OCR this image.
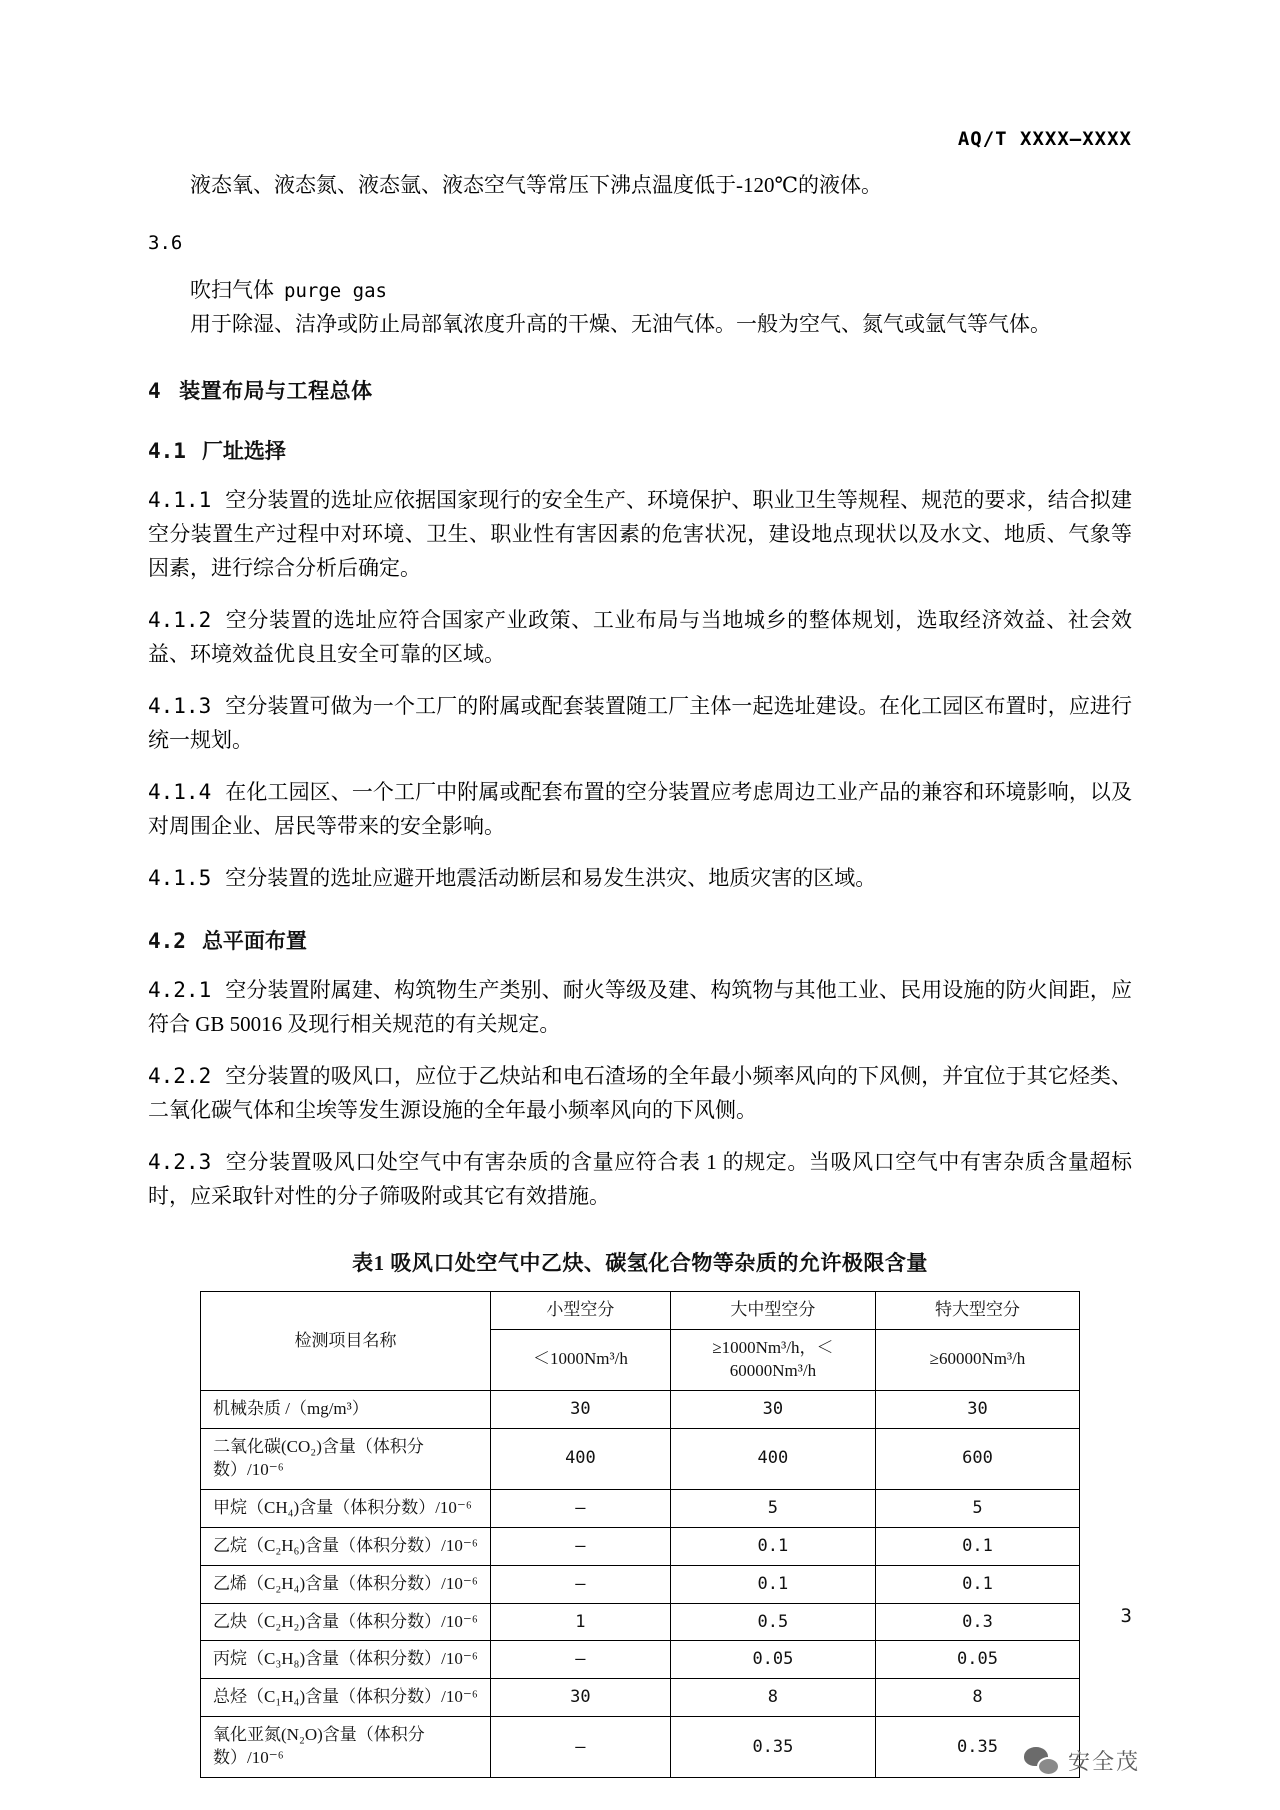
AQ/T XXXX—XXXX

液态氧、液态氮、液态氩、液态空气等常压下沸点温度低于-120℃的液体。

3.6

吹扫气体 purge gas

用于除湿、洁净或防止局部氧浓度升高的干燥、无油气体。一般为空气、氮气或氩气等气体。

4 装置布局与工程总体
4.1 厂址选择

4.1.1 空分装置的选址应依据国家现行的安全生产、环境保护、职业卫生等规程、规范的要求，结合拟建空分装置生产过程中对环境、卫生、职业性有害因素的危害状况，建设地点现状以及水文、地质、气象等因素，进行综合分析后确定。

4.1.2 空分装置的选址应符合国家产业政策、工业布局与当地城乡的整体规划，选取经济效益、社会效益、环境效益优良且安全可靠的区域。

4.1.3 空分装置可做为一个工厂的附属或配套装置随工厂主体一起选址建设。在化工园区布置时，应进行统一规划。

4.1.4 在化工园区、一个工厂中附属或配套布置的空分装置应考虑周边工业产品的兼容和环境影响，以及对周围企业、居民等带来的安全影响。

4.1.5 空分装置的选址应避开地震活动断层和易发生洪灾、地质灾害的区域。

4.2 总平面布置

4.2.1 空分装置附属建、构筑物生产类别、耐火等级及建、构筑物与其他工业、民用设施的防火间距，应符合 GB 50016 及现行相关规范的有关规定。

4.2.2 空分装置的吸风口，应位于乙炔站和电石渣场的全年最小频率风向的下风侧，并宜位于其它烃类、二氧化碳气体和尘埃等发生源设施的全年最小频率风向的下风侧。

4.2.3 空分装置吸风口处空气中有害杂质的含量应符合表 1 的规定。当吸风口空气中有害杂质含量超标时，应采取针对性的分子筛吸附或其它有效措施。

表1 吸风口处空气中乙炔、碳氢化合物等杂质的允许极限含量
检测项目名称	小型空分	大中型空分	特大型空分
	＜1000Nm³/h	≥1000Nm³/h，＜60000Nm³/h	≥60000Nm³/h
机械杂质 /（mg/m³）	30	30	30
二氧化碳(CO₂)含量（体积分数）/10⁻⁶	400	400	600
甲烷（CH₄)含量（体积分数）/10⁻⁶	–	5	5
乙烷（C₂H₆)含量（体积分数）/10⁻⁶	–	0.1	0.1
乙烯（C₂H₄)含量（体积分数）/10⁻⁶	–	0.1	0.1
乙炔（C₂H₂)含量（体积分数）/10⁻⁶	1	0.5	0.3
丙烷（C₃H₈)含量（体积分数）/10⁻⁶	–	0.05	0.05
总烃（C₁H₄)含量（体积分数）/10⁻⁶	30	8	8
氧化亚氮(N₂O)含量（体积分数）/10⁻⁶	–	0.35	0.35
3
安全茂
